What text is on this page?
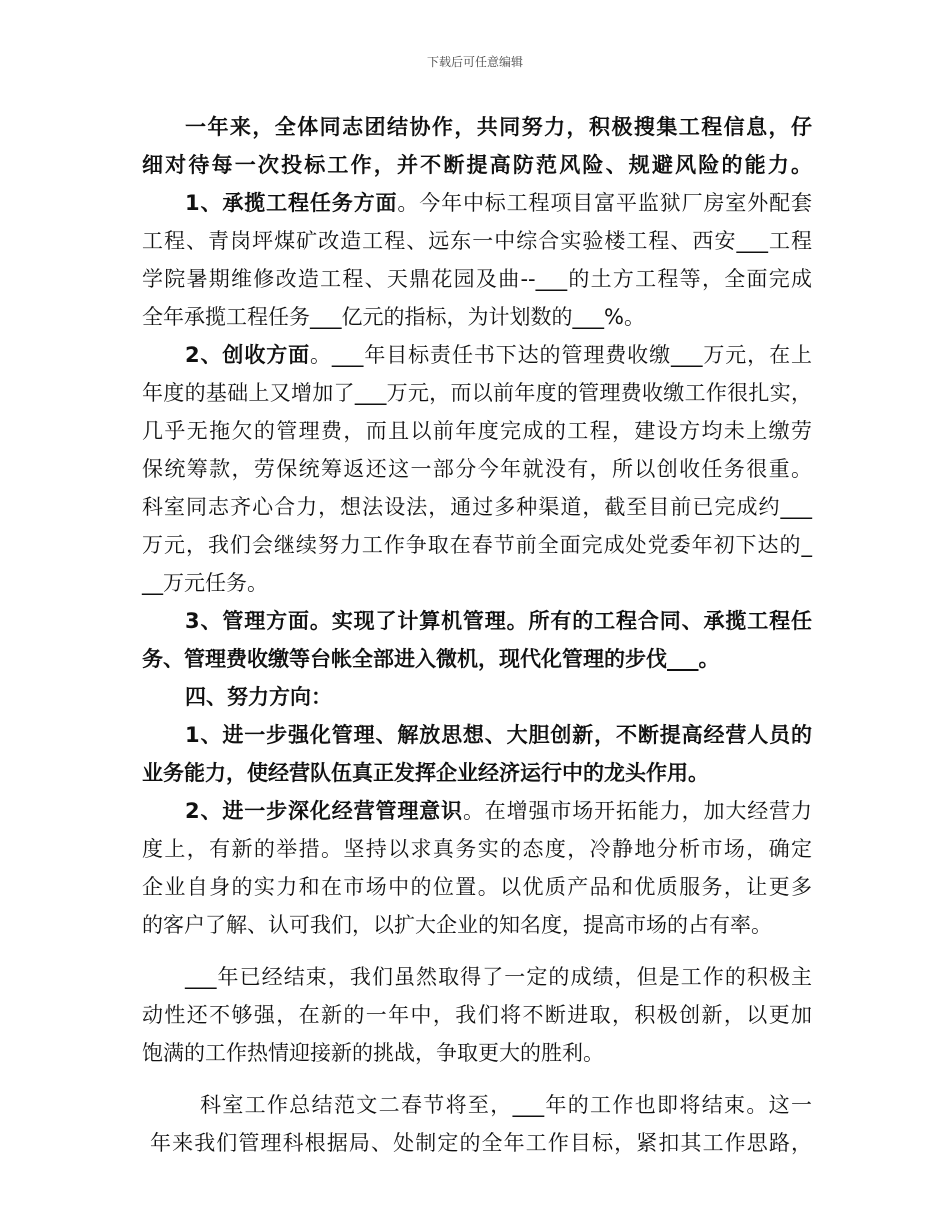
下载后可任意编辑
一年来，全体同志团结协作，共同努力，积极搜集工程信息，仔
细对待每一次投标工作，并不断提高防范风险、规避风险的能力。
1、承揽工程任务方面。今年中标工程项目富平监狱厂房室外配套
工程、青岗坪煤矿改造工程、远东一中综合实验楼工程、西安___工程
学院暑期维修改造工程、天鼎花园及曲--___的土方工程等，全面完成
全年承揽工程任务___亿元的指标，为计划数的___%。
2、创收方面。___年目标责任书下达的管理费收缴___万元，在上
年度的基础上又增加了___万元，而以前年度的管理费收缴工作很扎实，
几乎无拖欠的管理费，而且以前年度完成的工程，建设方均未上缴劳
保统筹款，劳保统筹返还这一部分今年就没有，所以创收任务很重。
科室同志齐心合力，想法设法，通过多种渠道，截至目前已完成约___
万元，我们会继续努力工作争取在春节前全面完成处党委年初下达的_
__万元任务。
3、管理方面。实现了计算机管理。所有的工程合同、承揽工程任
务、管理费收缴等台帐全部进入微机，现代化管理的步伐___。
四、努力方向：
1、进一步强化管理、解放思想、大胆创新，不断提高经营人员的
业务能力，使经营队伍真正发挥企业经济运行中的龙头作用。
2、进一步深化经营管理意识。在增强市场开拓能力，加大经营力
度上，有新的举措。坚持以求真务实的态度，冷静地分析市场，确定
企业自身的实力和在市场中的位置。以优质产品和优质服务，让更多
的客户了解、认可我们，以扩大企业的知名度，提高市场的占有率。
___年已经结束，我们虽然取得了一定的成绩，但是工作的积极主
动性还不够强，在新的一年中，我们将不断进取，积极创新，以更加
饱满的工作热情迎接新的挑战，争取更大的胜利。
科室工作总结范文二春节将至，___年的工作也即将结束。这一
年来我们管理科根据局、处制定的全年工作目标，紧扣其工作思路，
